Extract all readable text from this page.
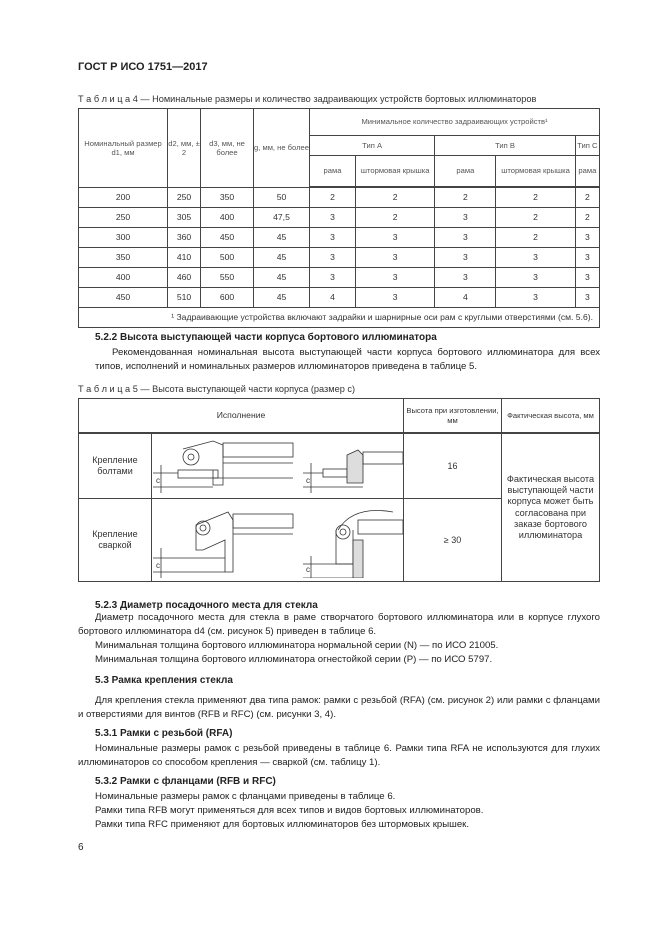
ГОСТ Р ИСО 1751—2017
Т а б л и ц а 4 — Номинальные размеры и количество задраивающих устройств бортовых иллюминаторов
Номинальный размер d1, мм	d2, мм, ± 2	d3, мм, не более	g, мм, не более	Минимальное количество задраивающих устройств¹				
				Тип А		Тип В		Тип С
				рама	штормовая крышка	рама	штормовая крышка	рама
200	250	350	50	2	2	2	2	2
250	305	400	47,5	3	2	3	2	2
300	360	450	45	3	3	3	2	3
350	410	500	45	3	3	3	3	3
400	460	550	45	3	3	3	3	3
450	510	600	45	4	3	4	3	3
¹ Задраивающие устройства включают задрайки и шарнирные оси рам с круглыми отверстиями (см. 5.6).								
5.2.2 Высота выступающей части корпуса бортового иллюминатора

Рекомендованная номинальная высота выступающей части корпуса бортового иллюминатора для всех типов, исполнений и номинальных размеров иллюминаторов приведена в таблице 5.

Т а б л и ц а 5 — Высота выступающей части корпуса (размер c)
Исполнение		Высота при изготовлении, мм	Фактическая высота, мм
Крепление болтами	c c	16	Фактическая высота выступающей части корпуса может быть согласована при заказе бортового иллюминатора
Крепление сваркой	c c	≥ 30	
5.2.3 Диаметр посадочного места для стекла

Диаметр посадочного места для стекла в раме створчатого бортового иллюминатора или в корпусе глухого бортового иллюминатора d4 (см. рисунок 5) приведен в таблице 6.

Минимальная толщина бортового иллюминатора нормальной серии (N) — по ИСО 21005.

Минимальная толщина бортового иллюминатора огнестойкой серии (Р) — по ИСО 5797.

5.3 Рамка крепления стекла

Для крепления стекла применяют два типа рамок: рамки с резьбой (RFA) (см. рисунок 2) или рамки с фланцами и отверстиями для винтов (RFB и RFC) (см. рисунки 3, 4).

5.3.1 Рамки с резьбой (RFA)

Номинальные размеры рамок с резьбой приведены в таблице 6. Рамки типа RFA не используются для глухих иллюминаторов со способом крепления — сваркой (см. таблицу 1).

5.3.2 Рамки с фланцами (RFB и RFC)

Номинальные размеры рамок с фланцами приведены в таблице 6.

Рамки типа RFB могут применяться для всех типов и видов бортовых иллюминаторов.

Рамки типа RFC применяют для бортовых иллюминаторов без штормовых крышек.

6
